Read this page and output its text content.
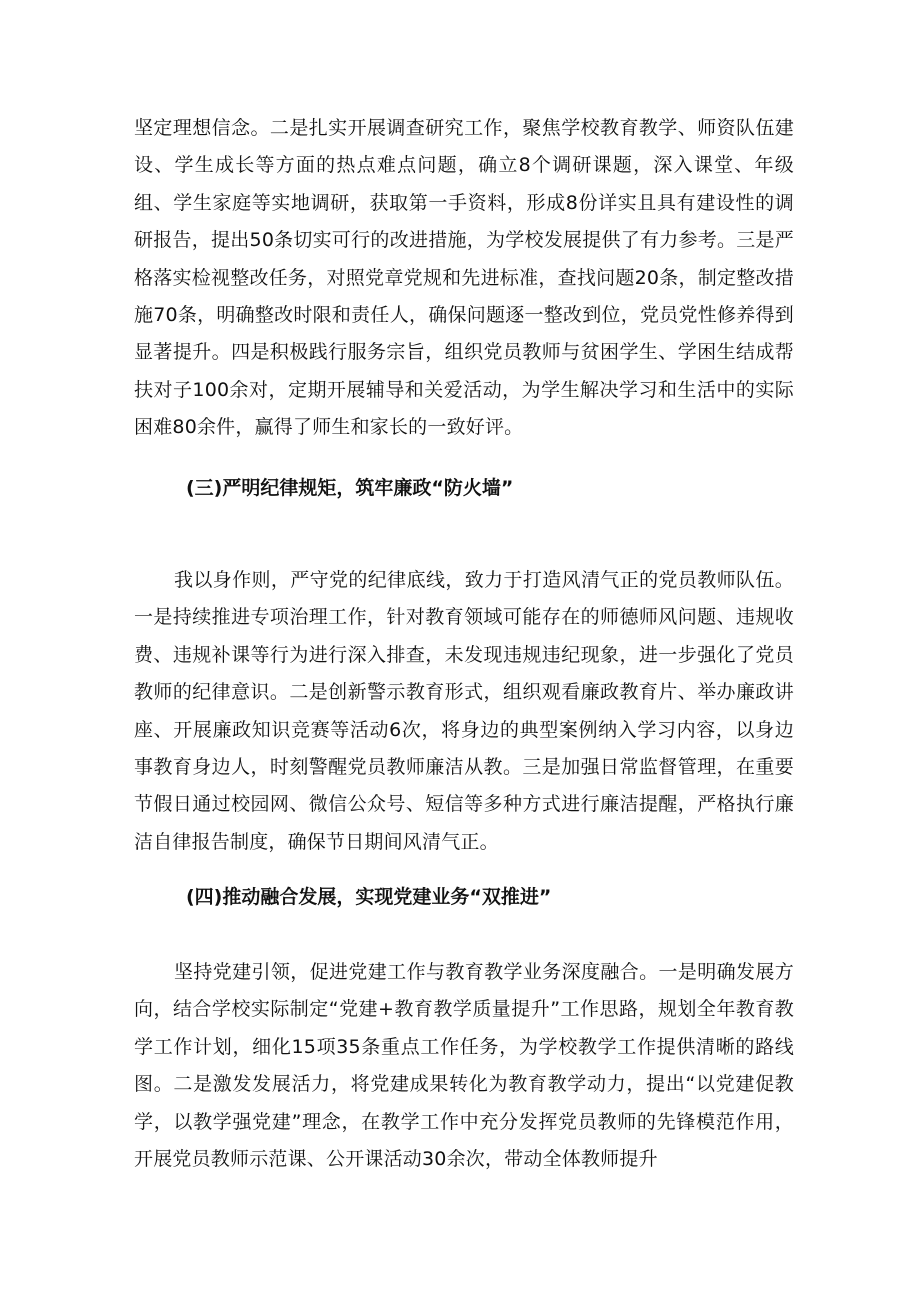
坚定理想信念。二是扎实开展调查研究工作，聚焦学校教育教学、师资队伍建设、学生成长等方面的热点难点问题，确立8个调研课题，深入课堂、年级组、学生家庭等实地调研，获取第一手资料，形成8份详实且具有建设性的调研报告，提出50条切实可行的改进措施，为学校发展提供了有力参考。三是严格落实检视整改任务，对照党章党规和先进标准，查找问题20条，制定整改措施70条，明确整改时限和责任人，确保问题逐一整改到位，党员党性修养得到显著提升。四是积极践行服务宗旨，组织党员教师与贫困学生、学困生结成帮扶对子100余对，定期开展辅导和关爱活动，为学生解决学习和生活中的实际困难80余件，赢得了师生和家长的一致好评。

(三)严明纪律规矩，筑牢廉政“防火墙”

我以身作则，严守党的纪律底线，致力于打造风清气正的党员教师队伍。一是持续推进专项治理工作，针对教育领域可能存在的师德师风问题、违规收费、违规补课等行为进行深入排查，未发现违规违纪现象，进一步强化了党员教师的纪律意识。二是创新警示教育形式，组织观看廉政教育片、举办廉政讲座、开展廉政知识竞赛等活动6次，将身边的典型案例纳入学习内容，以身边事教育身边人，时刻警醒党员教师廉洁从教。三是加强日常监督管理，在重要节假日通过校园网、微信公众号、短信等多种方式进行廉洁提醒，严格执行廉洁自律报告制度，确保节日期间风清气正。

(四)推动融合发展，实现党建业务“双推进”

坚持党建引领，促进党建工作与教育教学业务深度融合。一是明确发展方向，结合学校实际制定“党建+教育教学质量提升”工作思路，规划全年教育教学工作计划，细化15项35条重点工作任务，为学校教学工作提供清晰的路线图。二是激发发展活力，将党建成果转化为教育教学动力，提出“以党建促教学，以教学强党建”理念，在教学工作中充分发挥党员教师的先锋模范作用，开展党员教师示范课、公开课活动30余次，带动全体教师提升
